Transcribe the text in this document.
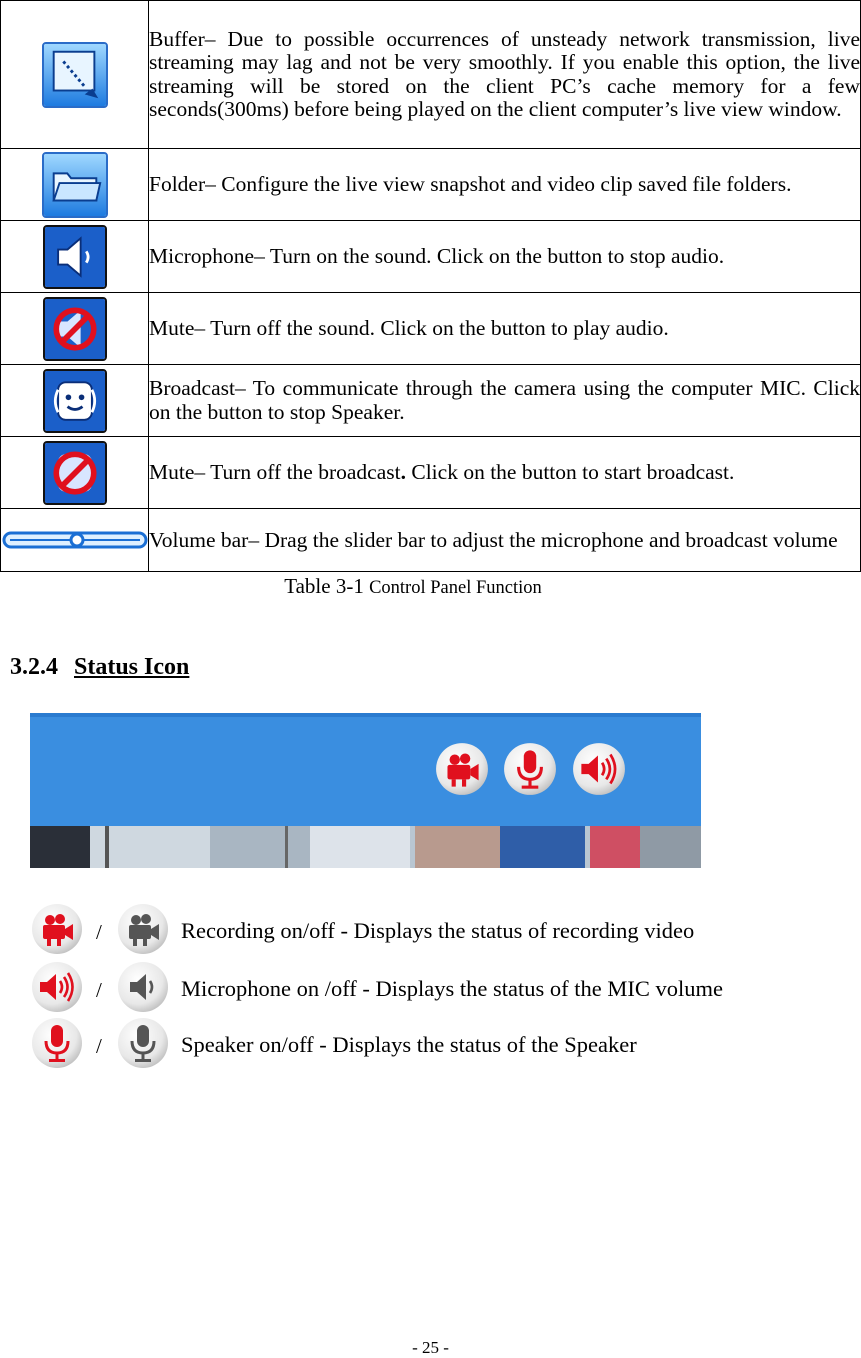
	Buffer– Due to possible occurrences of unsteady network transmission, live streaming may lag and not be very smoothly. If you enable this option, the live streaming will be stored on the client PC’s cache memory for a few seconds(300ms) before being played on the client computer’s live view window.

	Folder– Configure the live view snapshot and video clip saved file folders.

	Microphone– Turn on the sound. Click on the button to stop audio.

	Mute– Turn off the sound. Click on the button to play audio.

	Broadcast– To communicate through the camera using the computer MIC. Click on the button to stop Speaker.

	Mute– Turn off the broadcast. Click on the button to start broadcast.

	Volume bar– Drag the slider bar to adjust the microphone and broadcast volume
Table 3-1 Control Panel Function
3.2.4 Status Icon
/	Recording on/off - Displays the status of recording video
/	Microphone on /off - Displays the status of the MIC volume
/	Speaker on/off - Displays the status of the Speaker
- 25 -
